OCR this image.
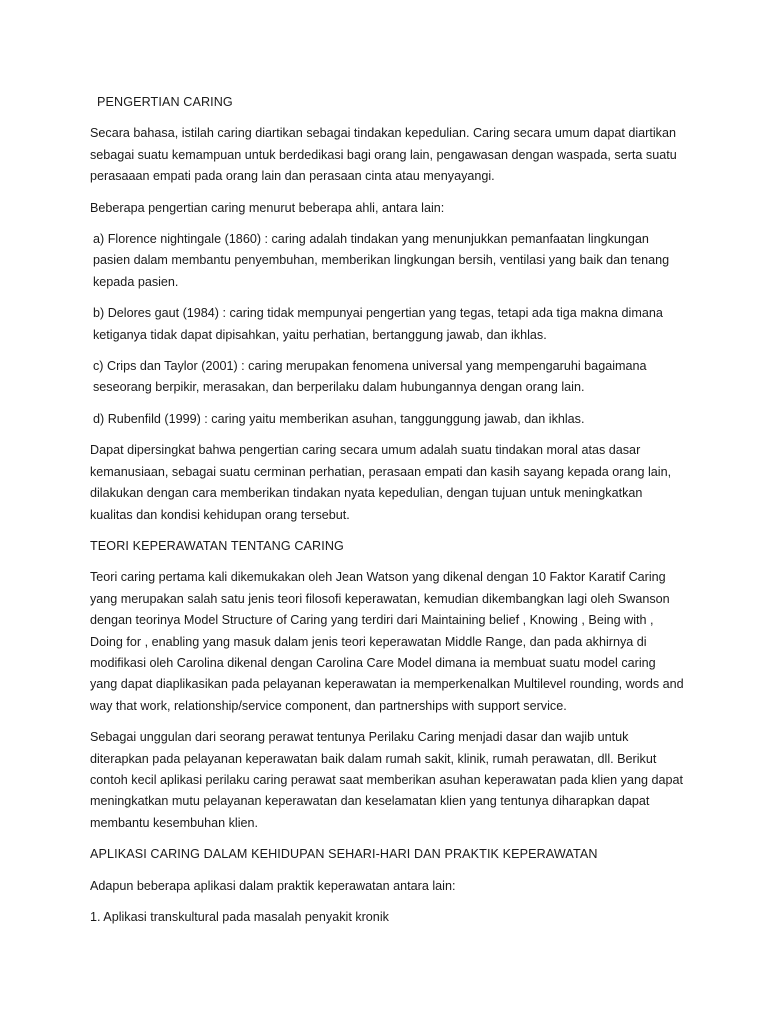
PENGERTIAN CARING

Secara bahasa, istilah caring diartikan sebagai tindakan kepedulian. Caring secara umum dapat diartikan sebagai suatu kemampuan untuk berdedikasi bagi orang lain, pengawasan dengan waspada, serta suatu perasaaan empati pada orang lain dan perasaan cinta atau menyayangi.

Beberapa pengertian caring menurut beberapa ahli, antara lain:

a) Florence nightingale (1860) : caring adalah tindakan yang menunjukkan pemanfaatan lingkungan pasien dalam membantu penyembuhan, memberikan lingkungan bersih, ventilasi yang baik dan tenang kepada pasien.

b) Delores gaut (1984) : caring tidak mempunyai pengertian yang tegas, tetapi ada tiga makna dimana ketiganya tidak dapat dipisahkan, yaitu perhatian, bertanggung jawab, dan ikhlas.

c) Crips dan Taylor (2001) : caring merupakan fenomena universal yang mempengaruhi bagaimana seseorang berpikir, merasakan, dan berperilaku dalam hubungannya dengan orang lain.

d) Rubenfild (1999) : caring yaitu memberikan asuhan, tanggunggung jawab, dan ikhlas.

Dapat dipersingkat bahwa pengertian caring secara umum adalah suatu tindakan moral atas dasar kemanusiaan, sebagai suatu cerminan perhatian, perasaan empati dan kasih sayang kepada orang lain, dilakukan dengan cara memberikan tindakan nyata kepedulian, dengan tujuan untuk meningkatkan kualitas dan kondisi kehidupan orang tersebut.

TEORI KEPERAWATAN TENTANG CARING

Teori caring pertama kali dikemukakan oleh Jean Watson yang dikenal dengan 10 Faktor Karatif Caring yang merupakan salah satu jenis teori filosofi keperawatan, kemudian dikembangkan lagi oleh Swanson dengan teorinya Model Structure of Caring yang terdiri dari Maintaining belief , Knowing , Being with , Doing for , enabling yang masuk dalam jenis teori keperawatan Middle Range, dan pada akhirnya di modifikasi oleh Carolina dikenal dengan Carolina Care Model dimana ia membuat suatu model caring yang dapat diaplikasikan pada pelayanan keperawatan ia memperkenalkan Multilevel rounding, words and way that work, relationship/service component, dan partnerships with support service.

Sebagai unggulan dari seorang perawat tentunya Perilaku Caring menjadi dasar dan wajib untuk diterapkan pada pelayanan keperawatan baik dalam rumah sakit, klinik, rumah perawatan, dll. Berikut contoh kecil aplikasi perilaku caring perawat saat memberikan asuhan keperawatan pada klien yang dapat meningkatkan mutu pelayanan keperawatan dan keselamatan klien yang tentunya diharapkan dapat membantu kesembuhan klien.

APLIKASI CARING DALAM KEHIDUPAN SEHARI-HARI DAN PRAKTIK KEPERAWATAN

Adapun beberapa aplikasi dalam praktik keperawatan antara lain:

1. Aplikasi transkultural pada masalah penyakit kronik
